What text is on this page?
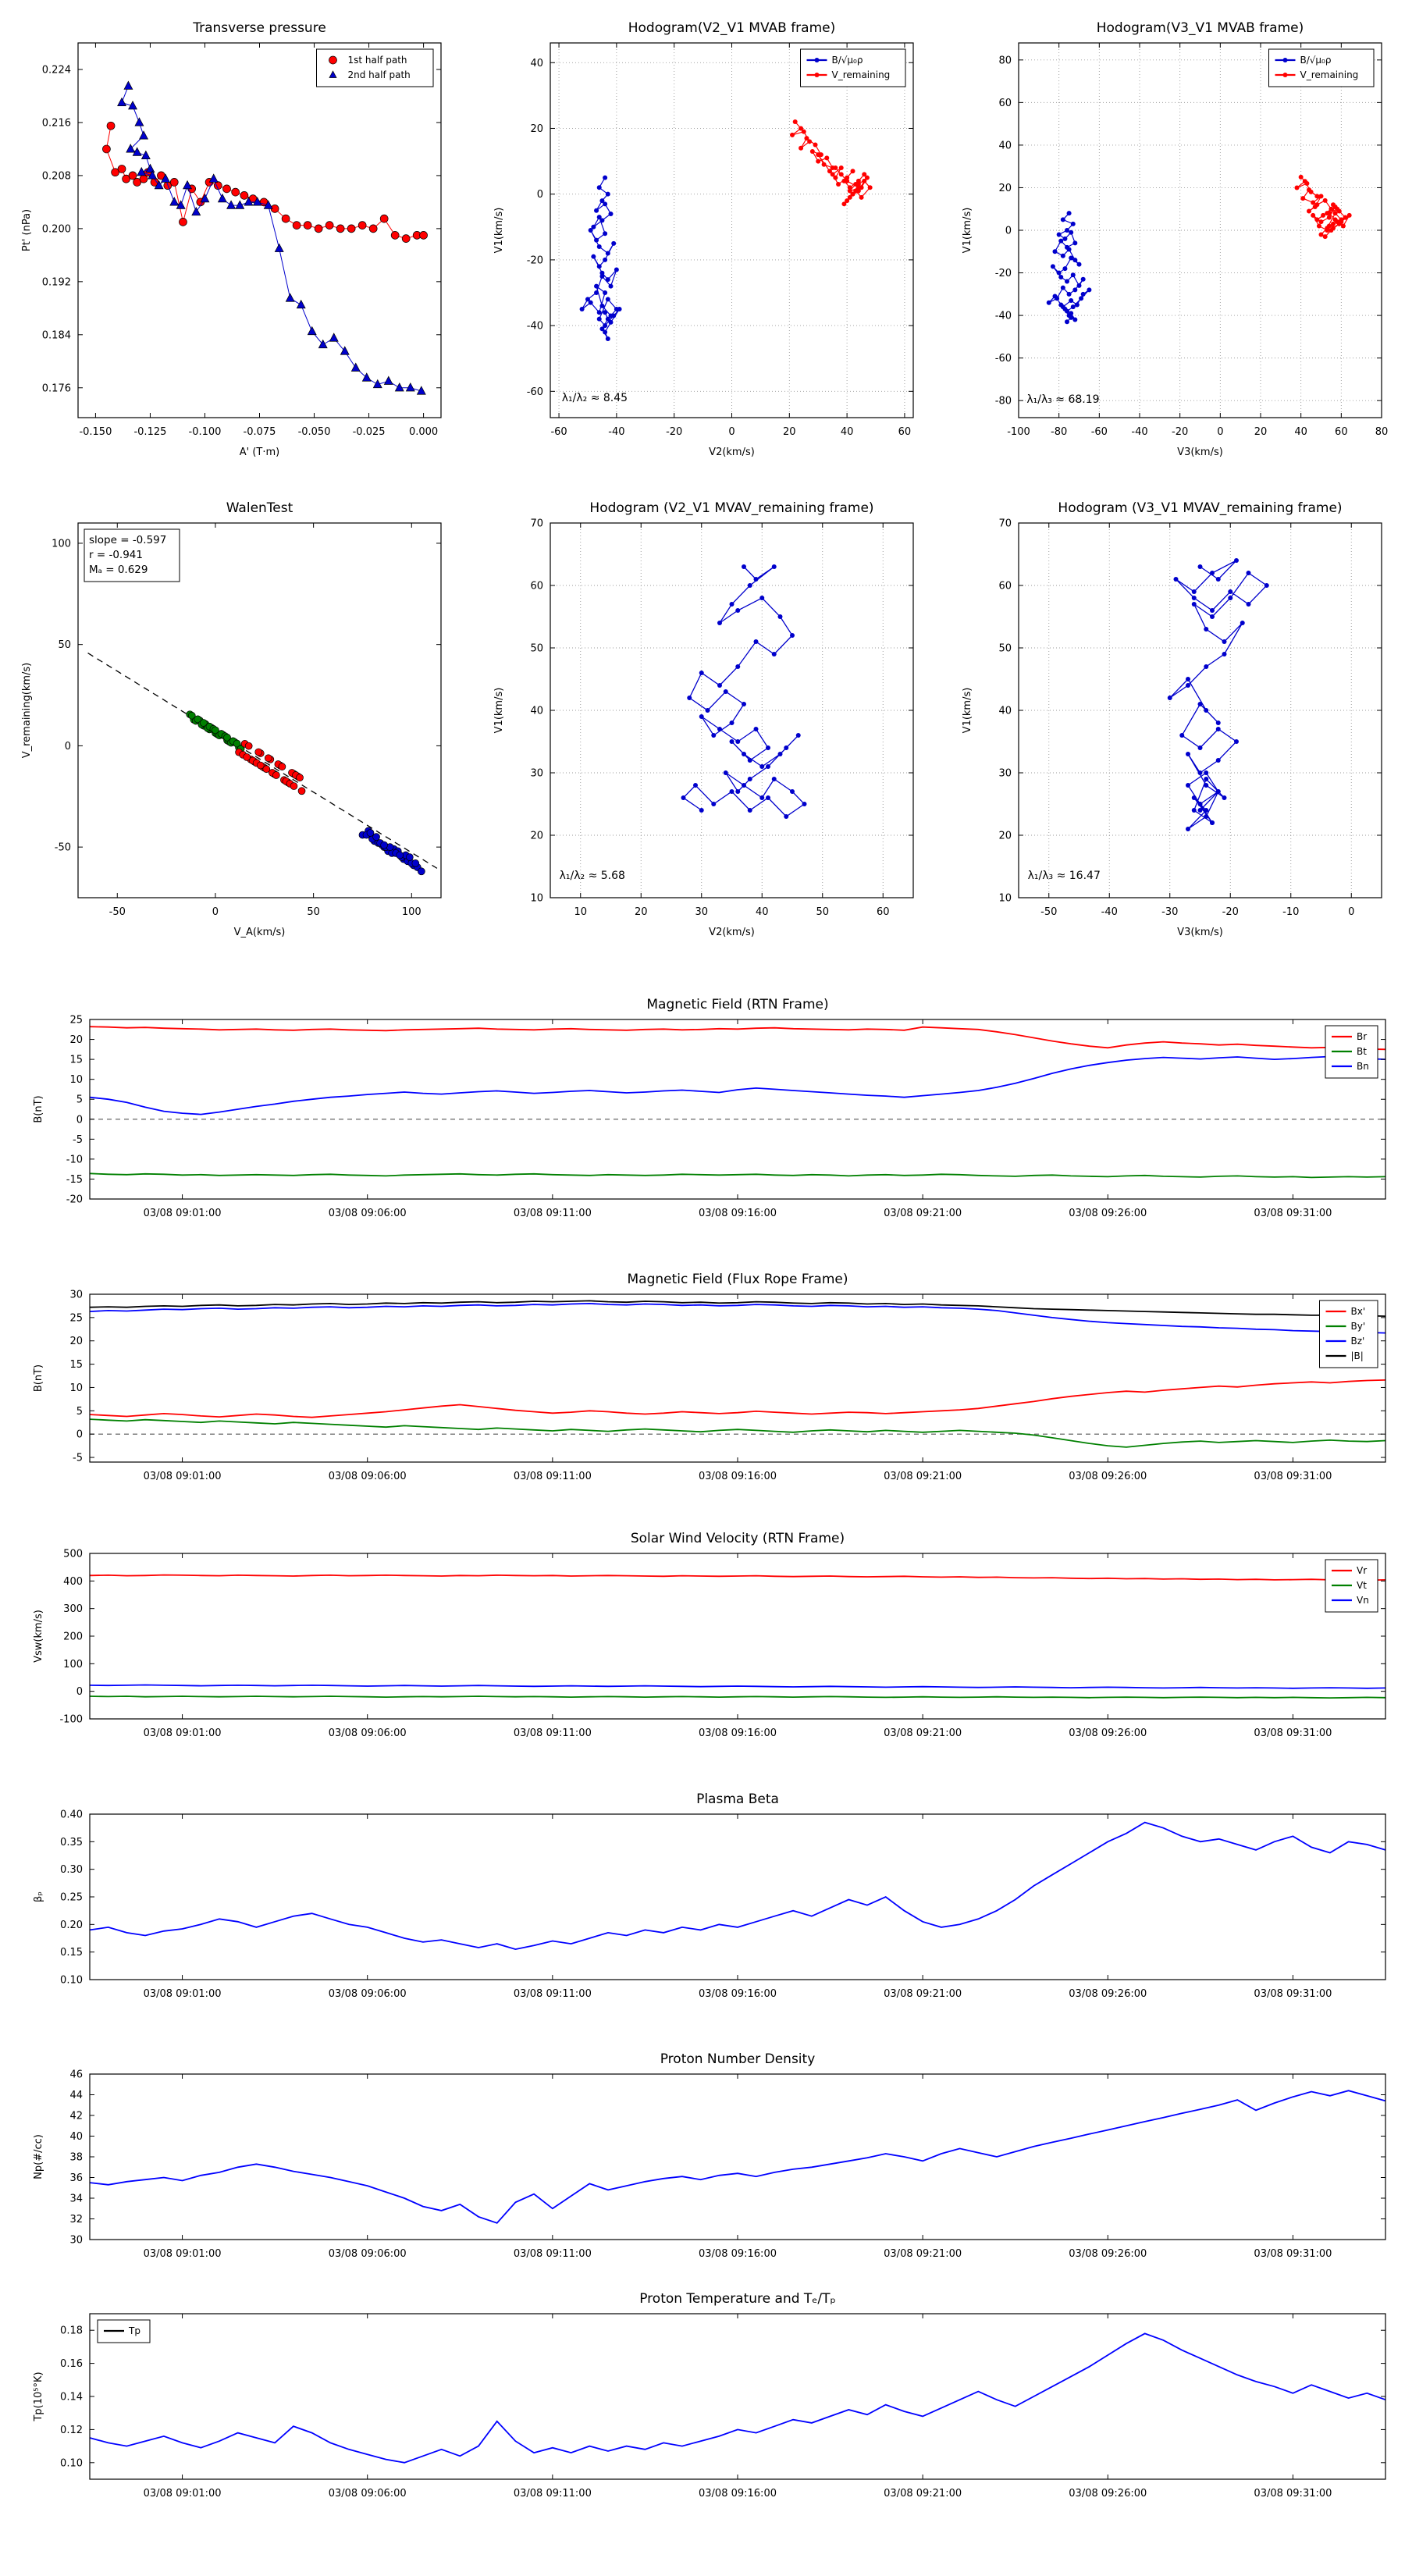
-0.150 -0.125 -0.100 -0.075 -0.050 -0.025 0.000
0.176
0.184
0.192
0.200
0.208
0.216
0.224
Transverse pressure
A' (T·m)
Pt' (nPa)
1st half path
2nd half path
-60	-40	-20	0	20	40	60
-60
-40
-20
0
20
40
Hodogram(V2_V1 MVAB frame)
V2(km/s)
V1(km/s)
λ₁/λ₂ ≈ 8.45
B/√μ₀ρ
V_remaining
-100 -80 -60 -40 -20	0	20	40	60	80
-80
-60
-40
-20
0
20
40
60
80
Hodogram(V3_V1 MVAB frame)
V3(km/s)
V1(km/s)
λ₁/λ₃ ≈ 68.19
B/√μ₀ρ
V_remaining
-50	0	50	100
-50
0
50
100
WalenTest
V_A(km/s)
V_remaining(km/s)
slope = -0.597
r = -0.941
Mₐ = 0.629
10	20	30	40	50	60
10
20
30
40
50
60
70
Hodogram (V2_V1 MVAV_remaining frame)
V2(km/s)
V1(km/s)
λ₁/λ₂ ≈ 5.68
-50	-40	-30	-20	-10	0
10
20
30
40
50
60
70
Hodogram (V3_V1 MVAV_remaining frame)
V3(km/s)
V1(km/s)
λ₁/λ₃ ≈ 16.47
03/08 09:01:00	03/08 09:06:00	03/08 09:11:00	03/08 09:16:00	03/08 09:21:00	03/08 09:26:00	03/08 09:31:00
-20
-15
-10
-5
0
5
10
15
20
25
Magnetic Field (RTN Frame)
B(nT)
Br
Bt
Bn
03/08 09:01:00	03/08 09:06:00	03/08 09:11:00	03/08 09:16:00	03/08 09:21:00	03/08 09:26:00	03/08 09:31:00
-5
0
5
10
15
20
25
30
Magnetic Field (Flux Rope Frame)
B(nT)
Bx'
By'
Bz'
|B|
03/08 09:01:00	03/08 09:06:00	03/08 09:11:00	03/08 09:16:00	03/08 09:21:00	03/08 09:26:00	03/08 09:31:00
-100
0
100
200
300
400
500
Solar Wind Velocity (RTN Frame)
Vsw(km/s)
Vr
Vt
Vn
03/08 09:01:00	03/08 09:06:00	03/08 09:11:00	03/08 09:16:00	03/08 09:21:00	03/08 09:26:00	03/08 09:31:00
0.10
0.15
0.20
0.25
0.30
0.35
0.40
Plasma Beta
βₚ
03/08 09:01:00	03/08 09:06:00	03/08 09:11:00	03/08 09:16:00	03/08 09:21:00	03/08 09:26:00	03/08 09:31:00
30
32
34
36
38
40
42
44
46
Proton Number Density
Np(#/cc)
03/08 09:01:00	03/08 09:06:00	03/08 09:11:00	03/08 09:16:00	03/08 09:21:00	03/08 09:26:00	03/08 09:31:00
0.10
0.12
0.14
0.16
0.18
Proton Temperature and Tₑ/Tₚ
Tp(10⁵°K)
Tp
